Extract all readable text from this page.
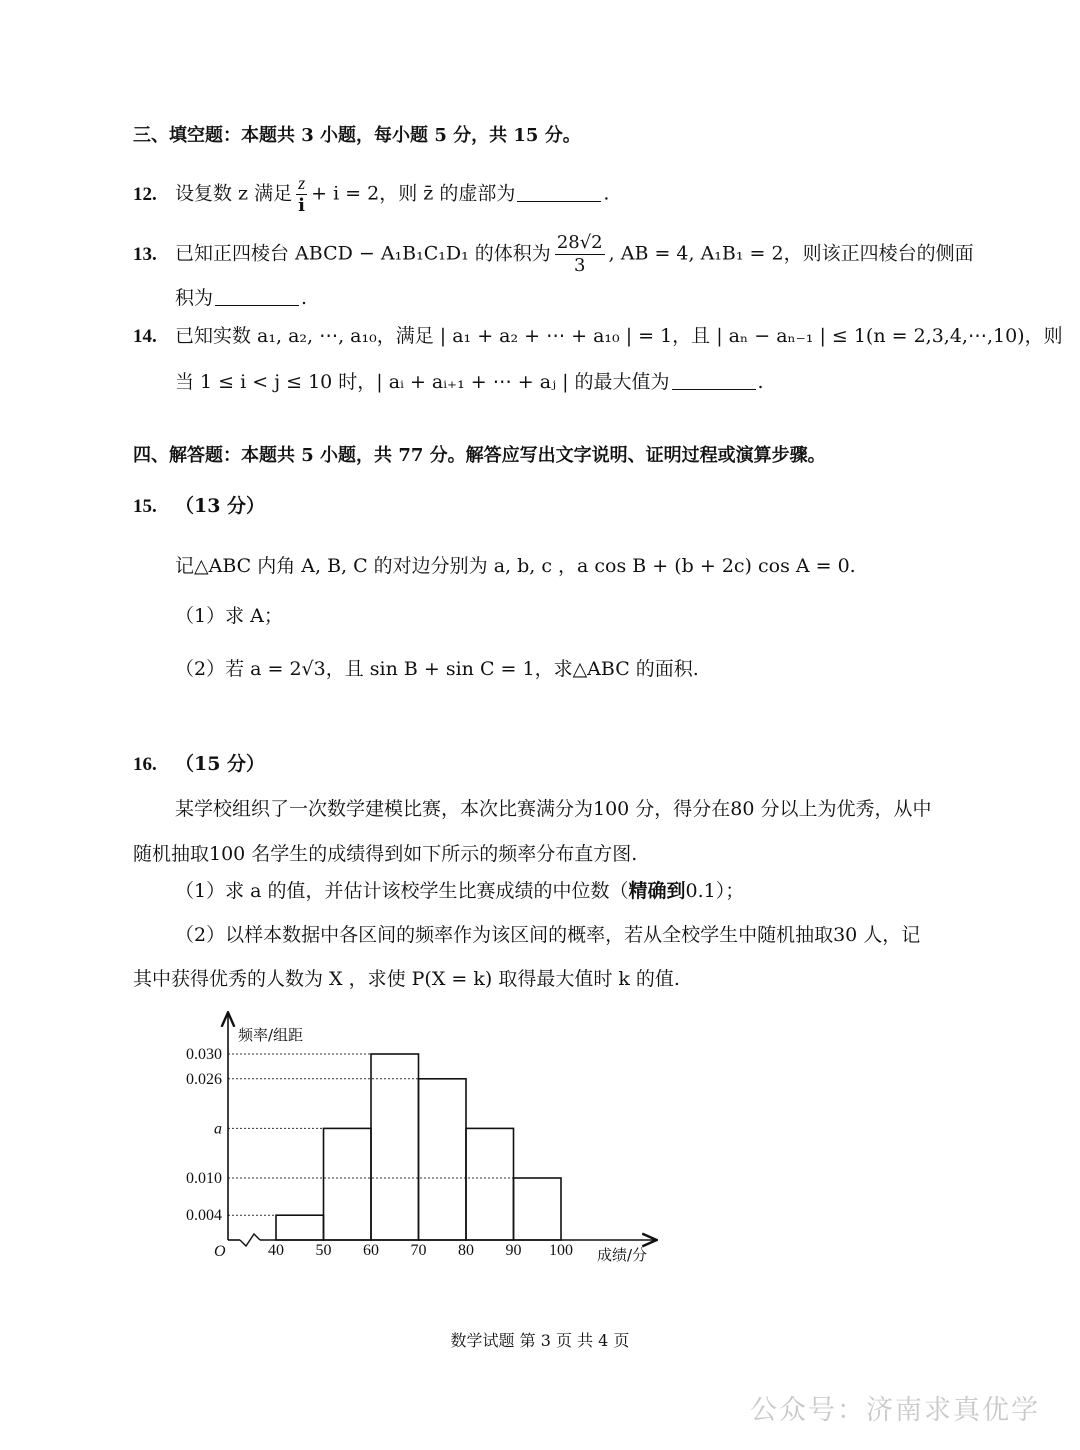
三、填空题：本题共 3 小题，每小题 5 分，共 15 分。
12. 设复数 z 满足 $\frac{z}{i} + i = 2$，则 z̄ 的虚部为	.
13. 已知正四棱台 ABCD − A₁B₁C₁D₁ 的体积为 $\frac{28√2}{3}$ , AB = 4, A₁B₁ = 2，则该正四棱台的侧面
积为	.
14. 已知实数 a₁, a₂, ⋯, a₁₀，满足 | a₁ + a₂ + ⋯ + a₁₀ | = 1，且 | aₙ − aₙ₋₁ | ≤ 1(n = 2,3,4,⋯,10)，则
当 1 ≤ i < j ≤ 10 时，| aᵢ + aᵢ₊₁ + ⋯ + aⱼ | 的最大值为	.
四、解答题：本题共 5 小题，共 77 分。解答应写出文字说明、证明过程或演算步骤。
15. （13 分）
记△ABC 内角 A, B, C 的对边分别为 a, b, c ，a cos B + (b + 2c) cos A = 0.
（1）求 A；
（2）若 a = 2√3，且 sin B + sin C = 1，求△ABC 的面积.
16. （15 分）
某学校组织了一次数学建模比赛，本次比赛满分为100 分，得分在80 分以上为优秀，从中
随机抽取100 名学生的成绩得到如下所示的频率分布直方图.
（1）求 a 的值，并估计该校学生比赛成绩的中位数（精确到0.1）；
（2）以样本数据中各区间的频率作为该区间的概率，若从全校学生中随机抽取30 人，记
其中获得优秀的人数为 X ，求使 P(X = k) 取得最大值时 k 的值.
0.004
0.010
a
0.026
0.030
频率/组距
成绩/分
O	40 50 60 70 80 90 100
数学试题 第 3 页 共 4 页
公众号：济南求真优学
